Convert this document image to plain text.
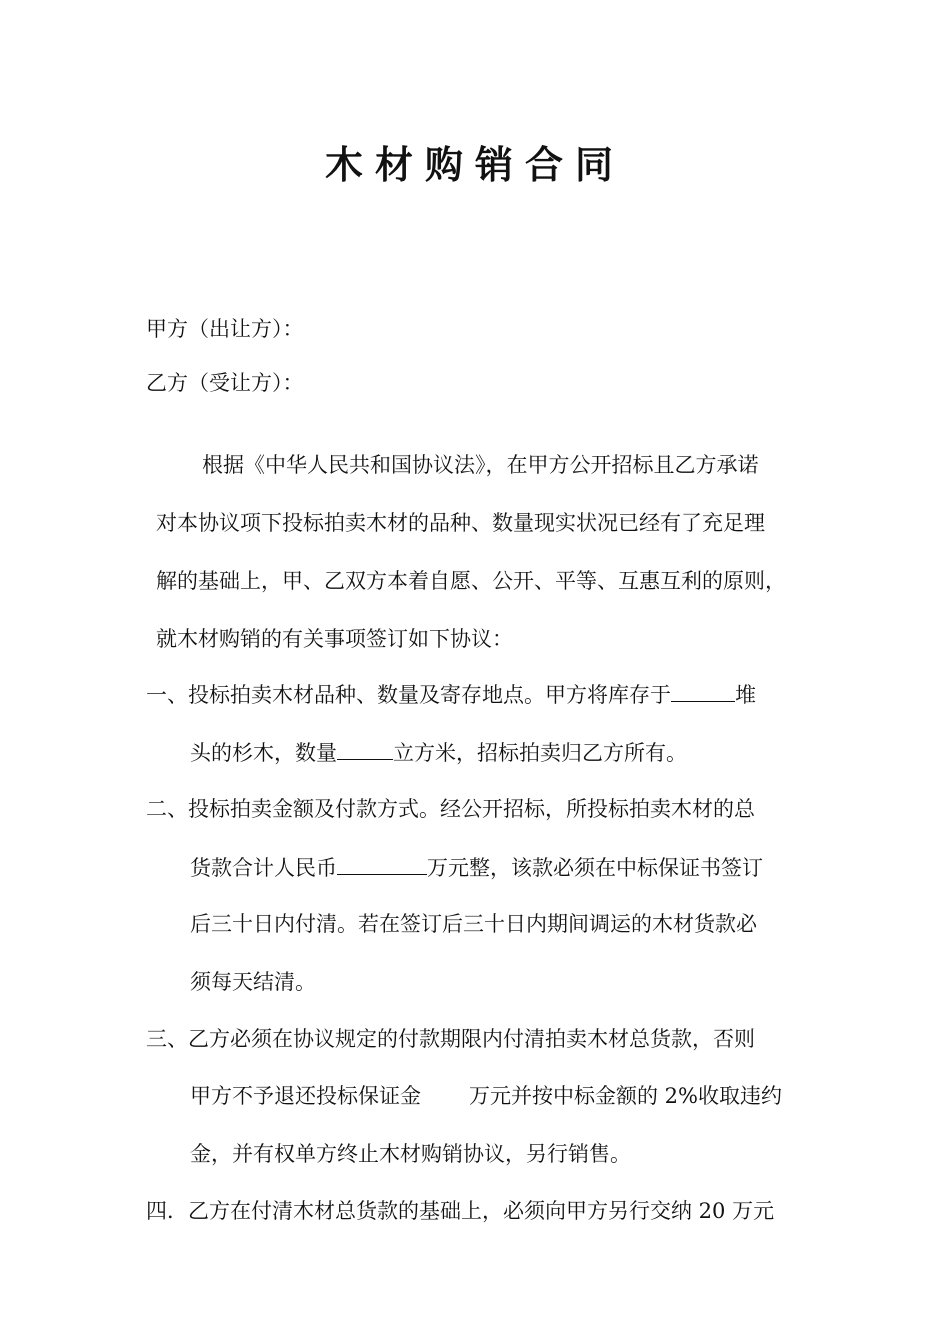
木材购销合同
甲方（出让方）：
乙方（受让方）：
根据《中华人民共和国协议法》，在甲方公开招标且乙方承诺
对本协议项下投标拍卖木材的品种、数量现实状况已经有了充足理
解的基础上，甲、乙双方本着自愿、公开、平等、互惠互利的原则，
就木材购销的有关事项签订如下协议：
一、投标拍卖木材品种、数量及寄存地点。甲方将库存于	堆
头的杉木，数量	立方米，招标拍卖归乙方所有。
二、投标拍卖金额及付款方式。经公开招标，所投标拍卖木材的总
货款合计人民币	万元整，该款必须在中标保证书签订
后三十日内付清。若在签订后三十日内期间调运的木材货款必
须每天结清。
三、乙方必须在协议规定的付款期限内付清拍卖木材总货款，否则
甲方不予退还投标保证金 万元并按中标金额的 2%收取违约
金，并有权单方终止木材购销协议，另行销售。
四．乙方在付清木材总货款的基础上，必须向甲方另行交纳 20 万元
